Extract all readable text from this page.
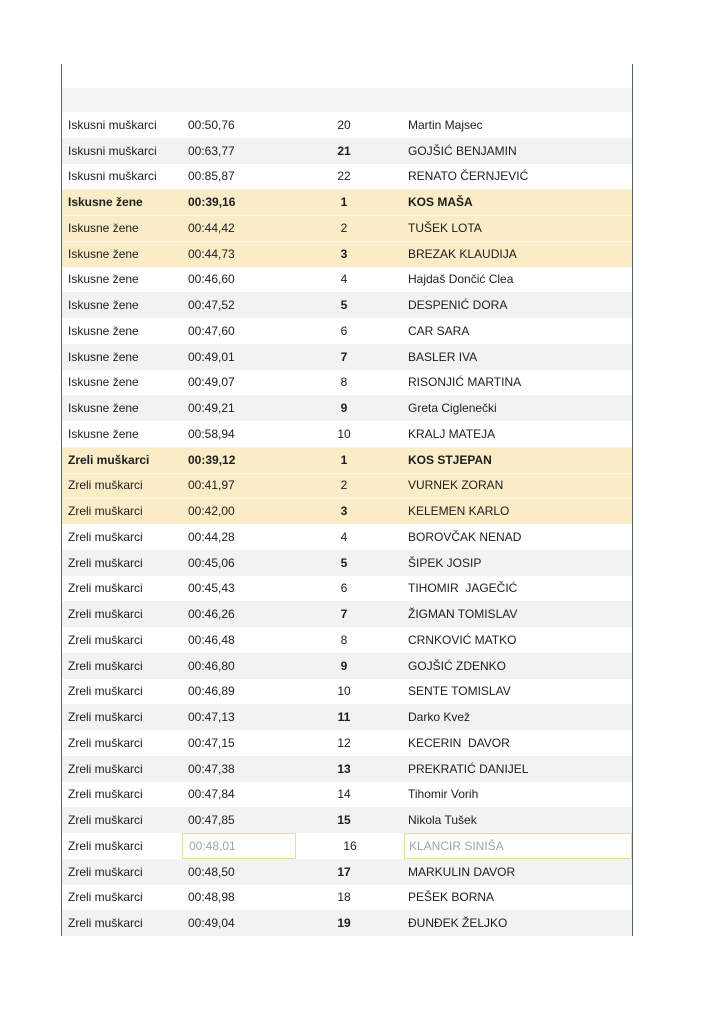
Iskusni muškarci	00:50,76	20	Martin Majsec
Iskusni muškarci	00:63,77	21	GOJŠIĆ BENJAMIN
Iskusni muškarci	00:85,87	22	RENATO ČERNJEVIĆ
Iskusne žene	00:39,16	1	KOS MAŠA
Iskusne žene	00:44,42	2	TUŠEK LOTA
Iskusne žene	00:44,73	3	BREZAK KLAUDIJA
Iskusne žene	00:46,60	4	Hajdaš Dončić Clea
Iskusne žene	00:47,52	5	DESPENIĆ DORA
Iskusne žene	00:47,60	6	CAR SARA
Iskusne žene	00:49,01	7	BASLER IVA
Iskusne žene	00:49,07	8	RISONJIĆ MARTINA
Iskusne žene	00:49,21	9	Greta Ciglenečki
Iskusne žene	00:58,94	10	KRALJ MATEJA
Zreli muškarci	00:39,12	1	KOS STJEPAN
Zreli muškarci	00:41,97	2	VURNEK ZORAN
Zreli muškarci	00:42,00	3	KELEMEN KARLO
Zreli muškarci	00:44,28	4	BOROVČAK NENAD
Zreli muškarci	00:45,06	5	ŠIPEK JOSIP
Zreli muškarci	00:45,43	6	TIHOMIR  JAGEČIĆ
Zreli muškarci	00:46,26	7	ŽIGMAN TOMISLAV
Zreli muškarci	00:46,48	8	CRNKOVIĆ MATKO
Zreli muškarci	00:46,80	9	GOJŠIĆ ZDENKO
Zreli muškarci	00:46,89	10	SENTE TOMISLAV
Zreli muškarci	00:47,13	11	Darko Kvež
Zreli muškarci	00:47,15	12	KECERIN  DAVOR
Zreli muškarci	00:47,38	13	PREKRATIĆ DANIJEL
Zreli muškarci	00:47,84	14	Tihomir Vorih
Zreli muškarci	00:47,85	15	Nikola Tušek
Zreli muškarci	00:48,01	16	KLANCIR SINIŠA
Zreli muškarci	00:48,50	17	MARKULIN DAVOR
Zreli muškarci	00:48,98	18	PEŠEK BORNA
Zreli muškarci	00:49,04	19	ĐUNĐEK ŽELJKO
